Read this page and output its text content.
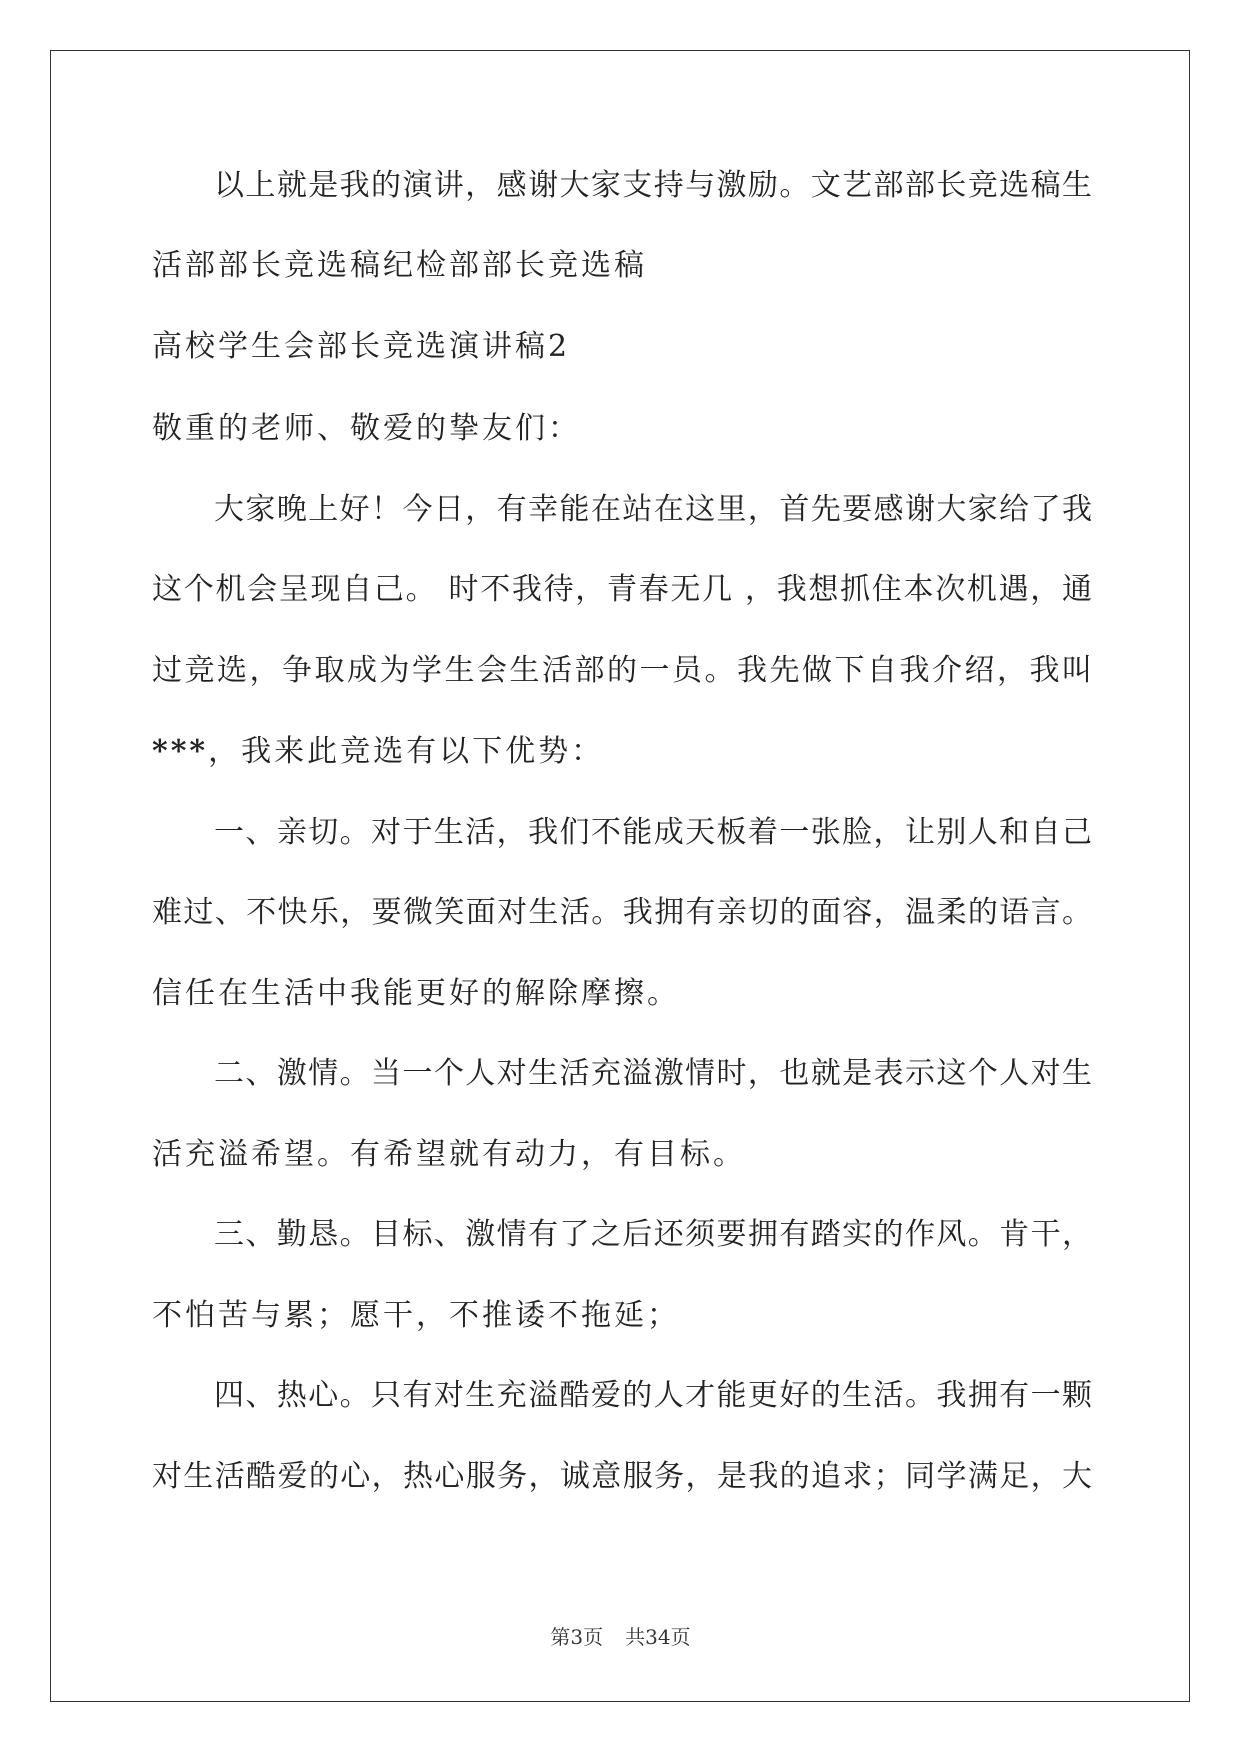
以上就是我的演讲，感谢大家支持与激励。文艺部部长竞选稿生
活部部长竞选稿纪检部部长竞选稿
高校学生会部长竞选演讲稿2
敬重的老师、敬爱的挚友们：
大家晚上好！今日，有幸能在站在这里，首先要感谢大家给了我
这个机会呈现自己。 时不我待，青春无几 ，我想抓住本次机遇，通
过竞选，争取成为学生会生活部的一员。我先做下自我介绍，我叫
***，我来此竞选有以下优势：
一、亲切。对于生活，我们不能成天板着一张脸，让别人和自己
难过、不快乐，要微笑面对生活。我拥有亲切的面容，温柔的语言。
信任在生活中我能更好的解除摩擦。
二、激情。当一个人对生活充溢激情时，也就是表示这个人对生
活充溢希望。有希望就有动力，有目标。
三、勤恳。目标、激情有了之后还须要拥有踏实的作风。肯干，
不怕苦与累；愿干，不推诿不拖延；
四、热心。只有对生充溢酷爱的人才能更好的生活。我拥有一颗
对生活酷爱的心，热心服务，诚意服务，是我的追求；同学满足，大
第3页 共34页
